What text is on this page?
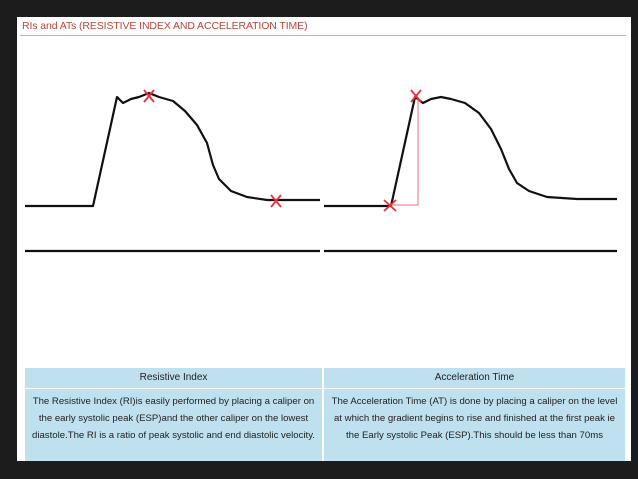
RIs and ATs (RESISTIVE INDEX AND ACCELERATION TIME)
Resistive Index
The Resistive Index (RI)is easily performed by placing a caliper on the early systolic peak (ESP)and the other caliper on the lowest diastole.The RI is a ratio of peak systolic and end diastolic velocity.
Acceleration Time
The Acceleration Time (AT) is done by placing a caliper on the level at which the gradient begins to rise and finished at the first peak ie the Early systolic Peak (ESP).This should be less than 70ms
